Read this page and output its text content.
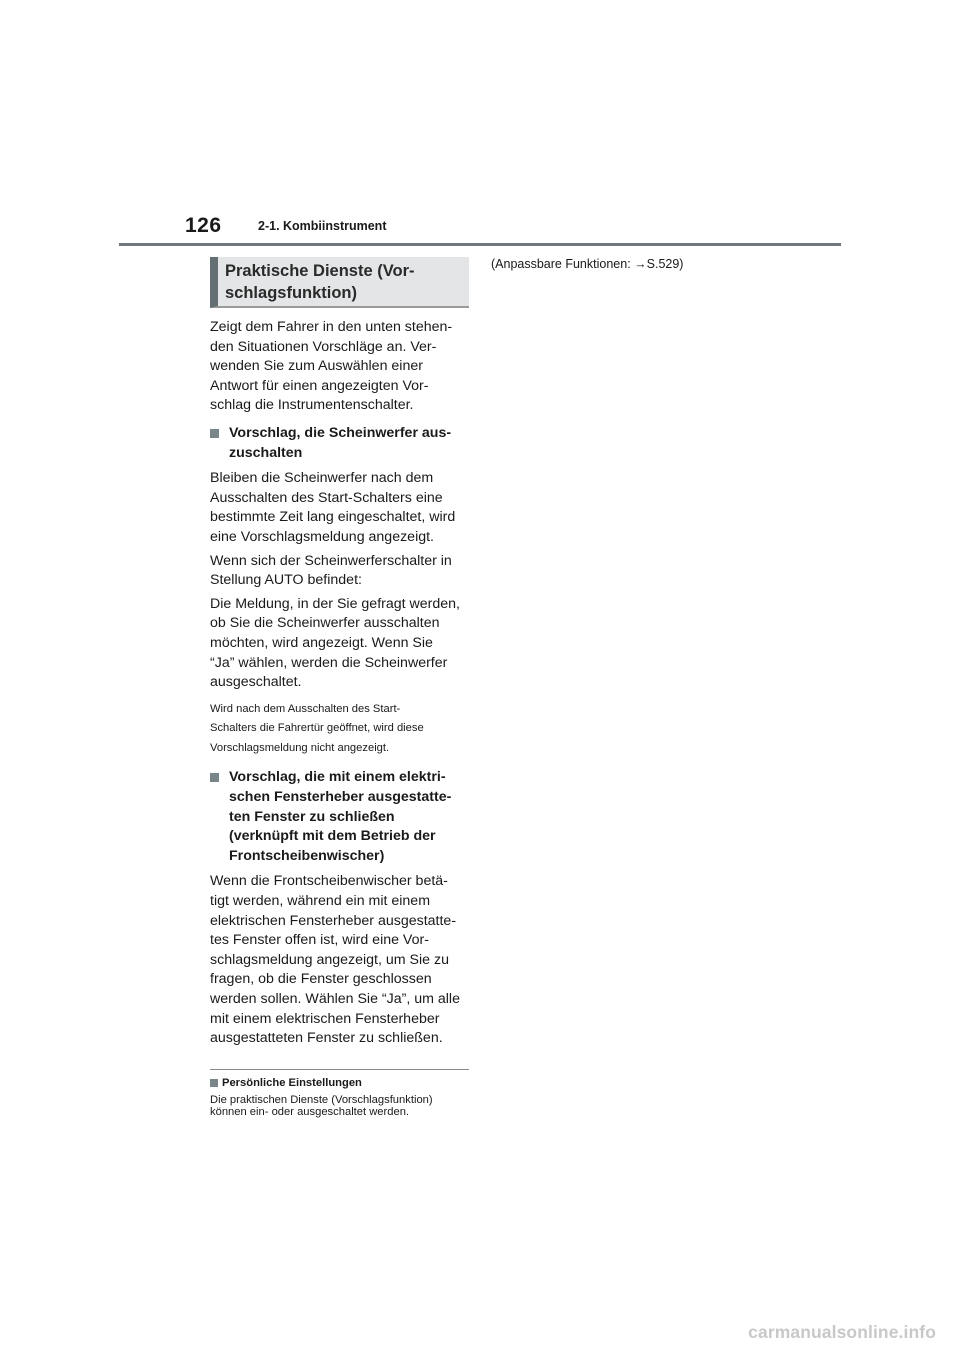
126	2-1. Kombiinstrument
Praktische Dienste (Vor-
schlagsfunktion)

Zeigt dem Fahrer in den unten stehen-
den Situationen Vorschläge an. Ver-
wenden Sie zum Auswählen einer
Antwort für einen angezeigten Vor-
schlag die Instrumentenschalter.

Vorschlag, die Scheinwerfer aus-
zuschalten

Bleiben die Scheinwerfer nach dem
Ausschalten des Start-Schalters eine
bestimmte Zeit lang eingeschaltet, wird
eine Vorschlagsmeldung angezeigt.

Wenn sich der Scheinwerferschalter in
Stellung AUTO befindet:

Die Meldung, in der Sie gefragt werden,
ob Sie die Scheinwerfer ausschalten
möchten, wird angezeigt. Wenn Sie
“Ja” wählen, werden die Scheinwerfer
ausgeschaltet.

Wird nach dem Ausschalten des Start-
Schalters die Fahrertür geöffnet, wird diese
Vorschlagsmeldung nicht angezeigt.

Vorschlag, die mit einem elektri-
schen Fensterheber ausgestatte-
ten Fenster zu schließen
(verknüpft mit dem Betrieb der
Frontscheibenwischer)

Wenn die Frontscheibenwischer betä-
tigt werden, während ein mit einem
elektrischen Fensterheber ausgestatte-
tes Fenster offen ist, wird eine Vor-
schlagsmeldung angezeigt, um Sie zu
fragen, ob die Fenster geschlossen
werden sollen. Wählen Sie “Ja”, um alle
mit einem elektrischen Fensterheber
ausgestatteten Fenster zu schließen.

Persönliche Einstellungen

Die praktischen Dienste (Vorschlagsfunktion)
können ein- oder ausgeschaltet werden.

(Anpassbare Funktionen: →S.529)

carmanualsonline.info
